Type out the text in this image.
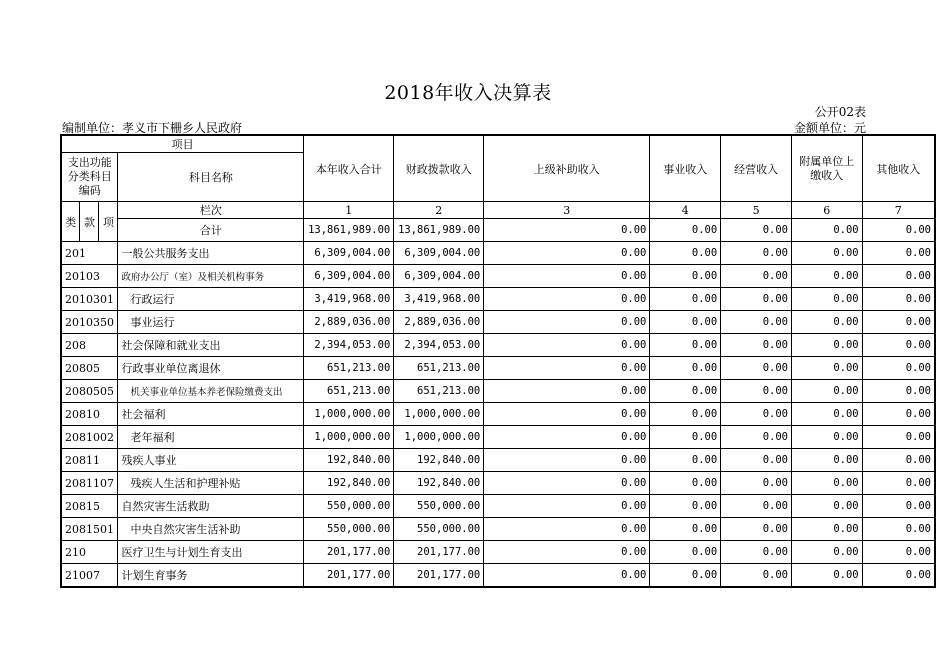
2018年收入决算表
公开02表
编制单位：孝义市下栅乡人民政府	金额单位：元
项目				本年收入合计	财政拨款收入	上级补助收入	事业收入	经营收入	附属单位上缴收入	其他收入
支出功能分类科目编码			科目名称							

类	款	项	栏次	1	2	3	4	5	6	7
			合计	13,861,989.00	13,861,989.00	0.00	0.00	0.00	0.00	0.00
201			一般公共服务支出	6,309,004.00	6,309,004.00	0.00	0.00	0.00	0.00	0.00
20103			政府办公厅（室）及相关机构事务	6,309,004.00	6,309,004.00	0.00	0.00	0.00	0.00	0.00
2010301			行政运行	3,419,968.00	3,419,968.00	0.00	0.00	0.00	0.00	0.00
2010350			事业运行	2,889,036.00	2,889,036.00	0.00	0.00	0.00	0.00	0.00
208			社会保障和就业支出	2,394,053.00	2,394,053.00	0.00	0.00	0.00	0.00	0.00
20805			行政事业单位离退休	651,213.00	651,213.00	0.00	0.00	0.00	0.00	0.00
2080505			机关事业单位基本养老保险缴费支出	651,213.00	651,213.00	0.00	0.00	0.00	0.00	0.00
20810			社会福利	1,000,000.00	1,000,000.00	0.00	0.00	0.00	0.00	0.00
2081002			老年福利	1,000,000.00	1,000,000.00	0.00	0.00	0.00	0.00	0.00
20811			残疾人事业	192,840.00	192,840.00	0.00	0.00	0.00	0.00	0.00
2081107			残疾人生活和护理补贴	192,840.00	192,840.00	0.00	0.00	0.00	0.00	0.00
20815			自然灾害生活救助	550,000.00	550,000.00	0.00	0.00	0.00	0.00	0.00
2081501			中央自然灾害生活补助	550,000.00	550,000.00	0.00	0.00	0.00	0.00	0.00
210			医疗卫生与计划生育支出	201,177.00	201,177.00	0.00	0.00	0.00	0.00	0.00
21007			计划生育事务	201,177.00	201,177.00	0.00	0.00	0.00	0.00	0.00
